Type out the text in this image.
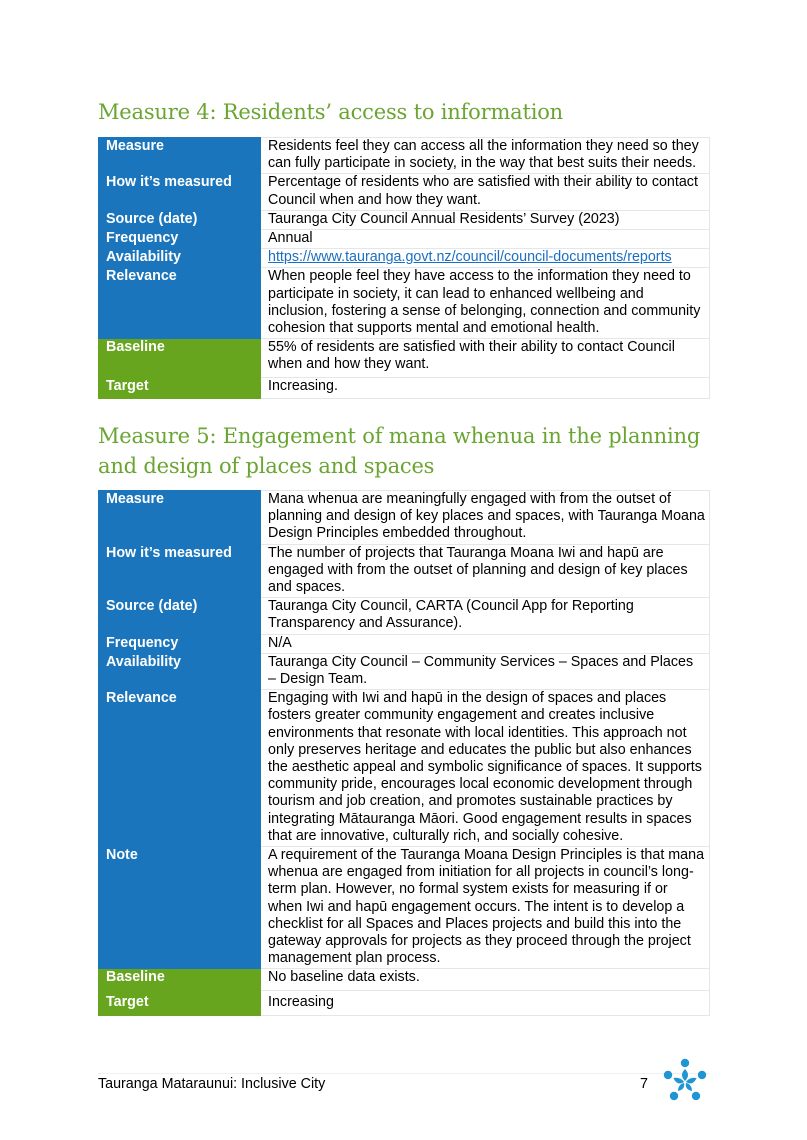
Measure 4: Residents’ access to information
Measure	Residents feel they can access all the information they need so they can fully participate in society, in the way that best suits their needs.
How it’s measured	Percentage of residents who are satisfied with their ability to contact Council when and how they want.
Source (date)	Tauranga City Council Annual Residents’ Survey (2023)
Frequency	Annual
Availability	https://www.tauranga.govt.nz/council/council-documents/reports
Relevance	When people feel they have access to the information they need to participate in society, it can lead to enhanced wellbeing and inclusion, fostering a sense of belonging, connection and community cohesion that supports mental and emotional health.
Baseline	55% of residents are satisfied with their ability to contact Council when and how they want.
Target	Increasing.
Measure 5: Engagement of mana whenua in the planning and design of places and spaces
Measure	Mana whenua are meaningfully engaged with from the outset of planning and design of key places and spaces, with Tauranga Moana Design Principles embedded throughout.
How it’s measured	The number of projects that Tauranga Moana Iwi and hapū are engaged with from the outset of planning and design of key places and spaces.
Source (date)	Tauranga City Council, CARTA (Council App for Reporting Transparency and Assurance).
Frequency	N/A
Availability	Tauranga City Council – Community Services – Spaces and Places – Design Team.
Relevance	Engaging with Iwi and hapū in the design of spaces and places fosters greater community engagement and creates inclusive environments that resonate with local identities. This approach not only preserves heritage and educates the public but also enhances the aesthetic appeal and symbolic significance of spaces. It supports community pride, encourages local economic development through tourism and job creation, and promotes sustainable practices by integrating Mātauranga Māori. Good engagement results in spaces that are innovative, culturally rich, and socially cohesive.
Note	A requirement of the Tauranga Moana Design Principles is that mana whenua are engaged from initiation for all projects in council’s long-term plan. However, no formal system exists for measuring if or when Iwi and hapū engagement occurs. The intent is to develop a checklist for all Spaces and Places projects and build this into the gateway approvals for projects as they proceed through the project management plan process.
Baseline	No baseline data exists.
Target	Increasing
Tauranga Mataraunui: Inclusive City	7
